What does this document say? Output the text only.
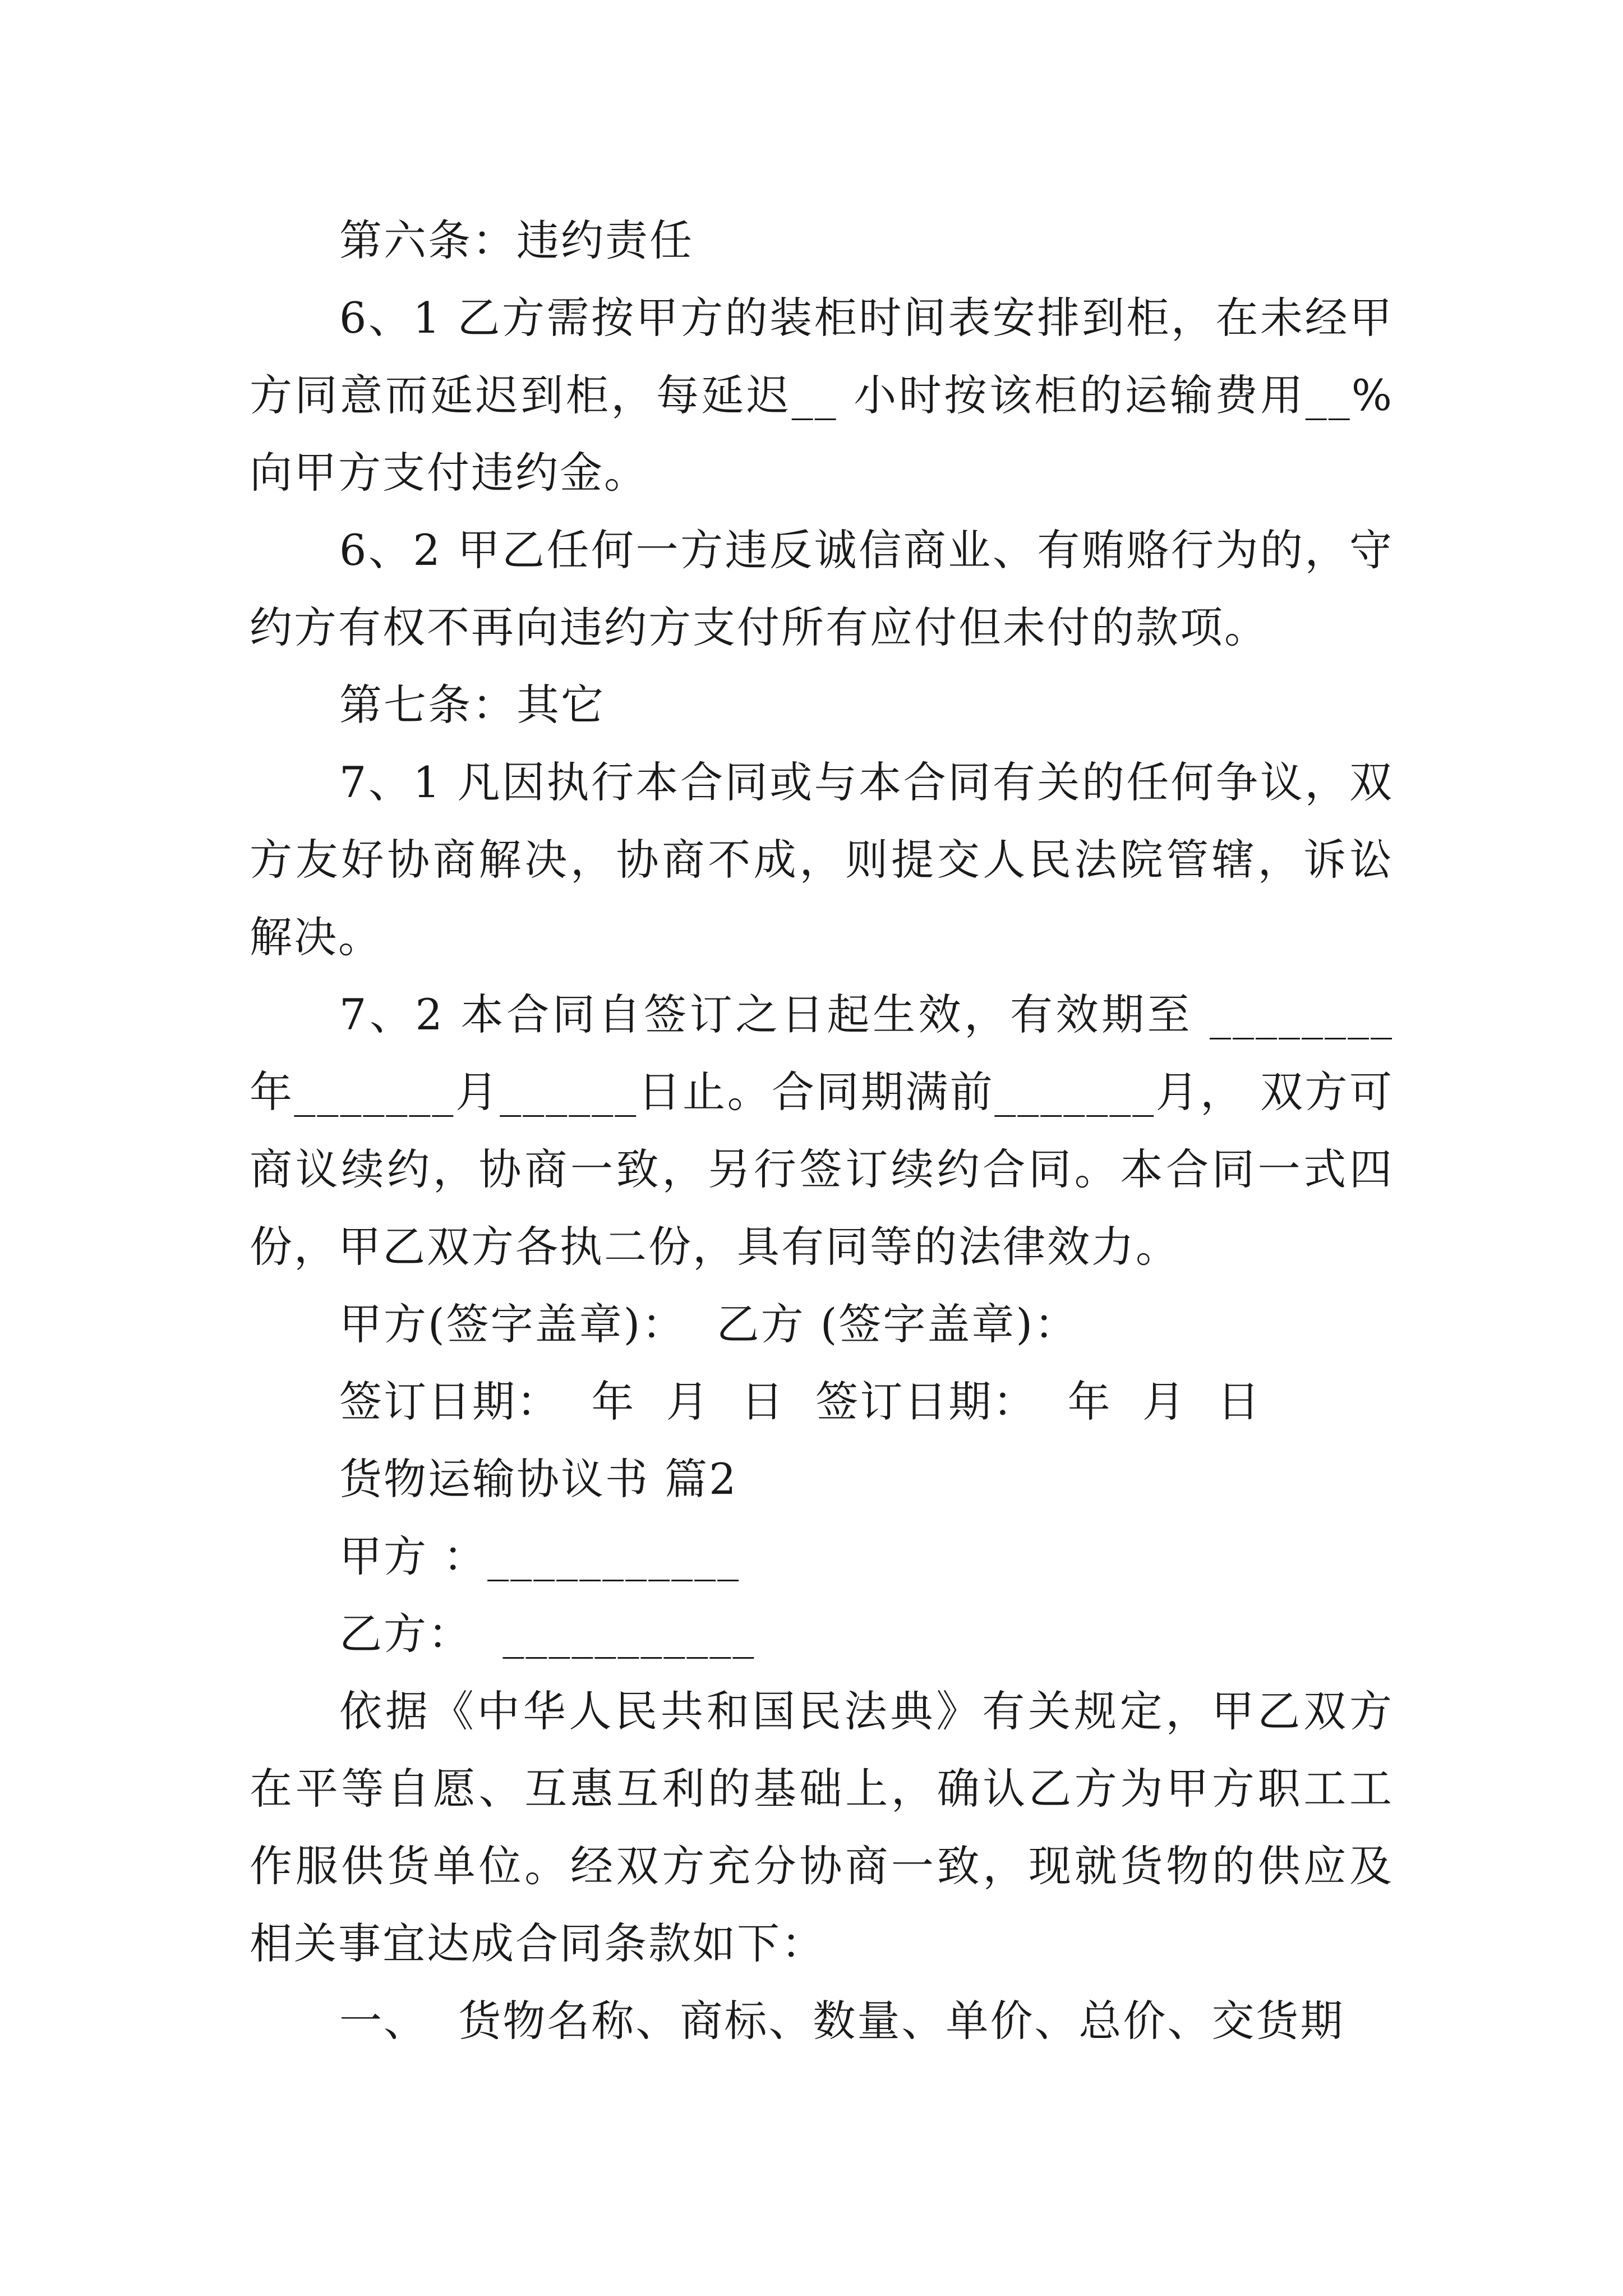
第六条：违约责任

6、1 乙方需按甲方的装柜时间表安排到柜，在未经甲方同意而延迟到柜，每延迟__ 小时按该柜的运输费用__%向甲方支付违约金。

6、2 甲乙任何一方违反诚信商业、有贿赂行为的，守约方有权不再向违约方支付所有应付但未付的款项。

第七条：其它

7、1 凡因执行本合同或与本合同有关的任何争议，双方友好协商解决，协商不成，则提交人民法院管辖，诉讼解决。

7、2 本合同自签订之日起生效，有效期至 ________年_______月______日止。合同期满前_______月， 双方可商议续约，协商一致，另行签订续约合同。本合同一式四份，甲乙双方各执二份，具有同等的法律效力。

甲方(签字盖章)：  乙方 (签字盖章)：

签订日期：  年  月  日  签订日期：  年  月  日

货物运输协议书 篇2

甲方 ：___________

乙方：  ___________

依据《中华人民共和国民法典》有关规定，甲乙双方在平等自愿、互惠互利的基础上，确认乙方为甲方职工工作服供货单位。经双方充分协商一致，现就货物的供应及相关事宜达成合同条款如下：

一、  货物名称、商标、数量、单价、总价、交货期
